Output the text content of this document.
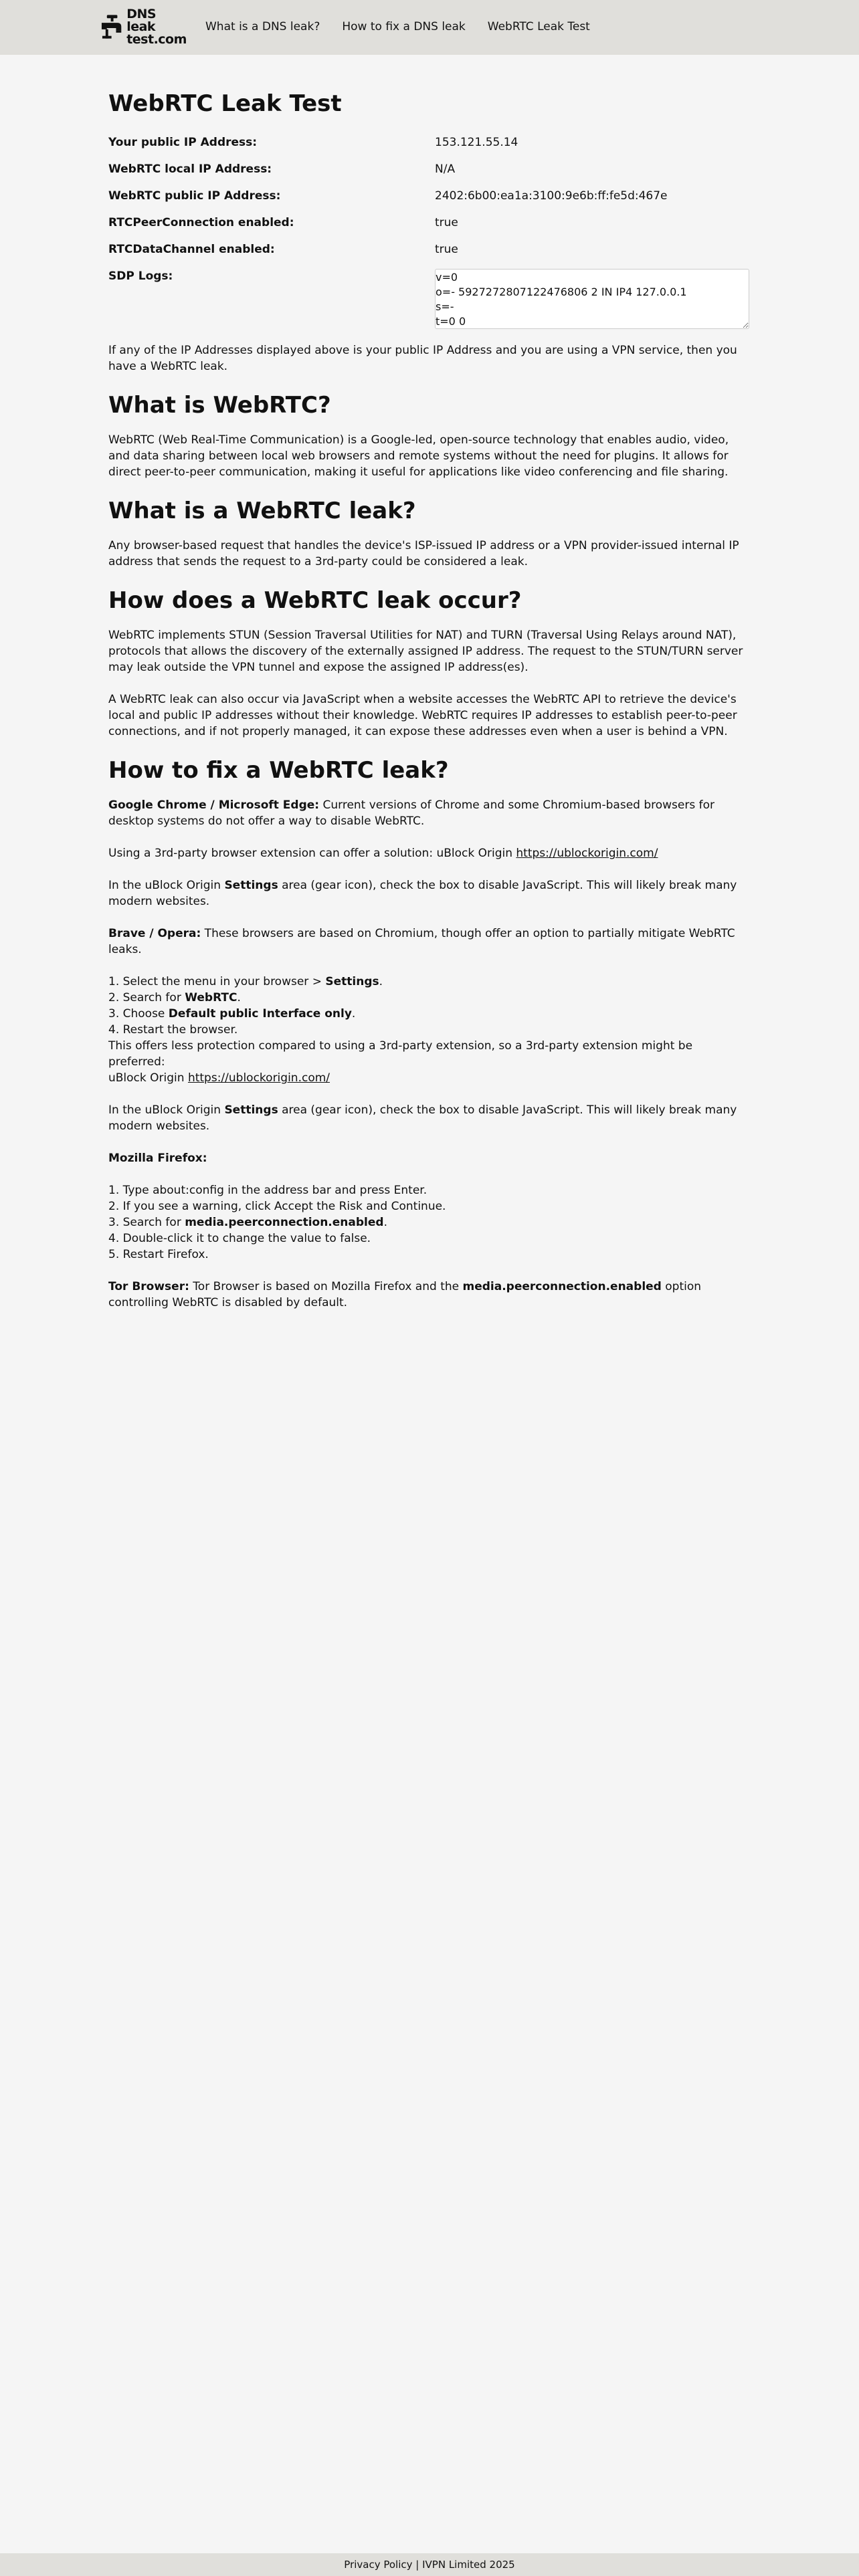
DNS leak
test.com
What is a DNS leak? How to fix a DNS leak WebRTC Leak Test
WebRTC Leak Test
Your public IP Address:	153.121.55.14
WebRTC local IP Address:	N/A
WebRTC public IP Address:	2402:6b00:ea1a:3100:9e6b:ff:fe5d:467e
RTCPeerConnection enabled:	true
RTCDataChannel enabled:	true
SDP Logs:
v=0 o=- 5927272807122476806 2 IN IP4 127.0.0.1 s=- t=0 0

If any of the IP Addresses displayed above is your public IP Address and you are using a VPN service, then you have a WebRTC leak.

What is WebRTC?

WebRTC (Web Real-Time Communication) is a Google-led, open-source technology that enables audio, video, and data sharing between local web browsers and remote systems without the need for plugins. It allows for direct peer-to-peer communication, making it useful for applications like video conferencing and file sharing.

What is a WebRTC leak?

Any browser-based request that handles the device's ISP-issued IP address or a VPN provider-issued internal IP address that sends the request to a 3rd-party could be considered a leak.

How does a WebRTC leak occur?

WebRTC implements STUN (Session Traversal Utilities for NAT) and TURN (Traversal Using Relays around NAT), protocols that allows the discovery of the externally assigned IP address. The request to the STUN/TURN server may leak outside the VPN tunnel and expose the assigned IP address(es).

A WebRTC leak can also occur via JavaScript when a website accesses the WebRTC API to retrieve the device's local and public IP addresses without their knowledge. WebRTC requires IP addresses to establish peer-to-peer connections, and if not properly managed, it can expose these addresses even when a user is behind a VPN.

How to fix a WebRTC leak?
Google Chrome / Microsoft Edge: Current versions of Chrome and some Chromium-based browsers for desktop systems do not offer a way to disable WebRTC.
Using a 3rd-party browser extension can offer a solution: uBlock Origin https://ublockorigin.com/
In the uBlock Origin Settings area (gear icon), check the box to disable JavaScript. This will likely break many modern websites.
Brave / Opera: These browsers are based on Chromium, though offer an option to partially mitigate WebRTC leaks.
1. Select the menu in your browser > Settings.
2. Search for WebRTC.
3. Choose Default public Interface only.
4. Restart the browser.
This offers less protection compared to using a 3rd-party extension, so a 3rd-party extension might be preferred:
uBlock Origin https://ublockorigin.com/
In the uBlock Origin Settings area (gear icon), check the box to disable JavaScript. This will likely break many modern websites.
Mozilla Firefox:
1. Type about:config in the address bar and press Enter.
2. If you see a warning, click Accept the Risk and Continue.
3. Search for media.peerconnection.enabled.
4. Double-click it to change the value to false.
5. Restart Firefox.
Tor Browser: Tor Browser is based on Mozilla Firefox and the media.peerconnection.enabled option controlling WebRTC is disabled by default.
Privacy Policy | IVPN Limited 2025
